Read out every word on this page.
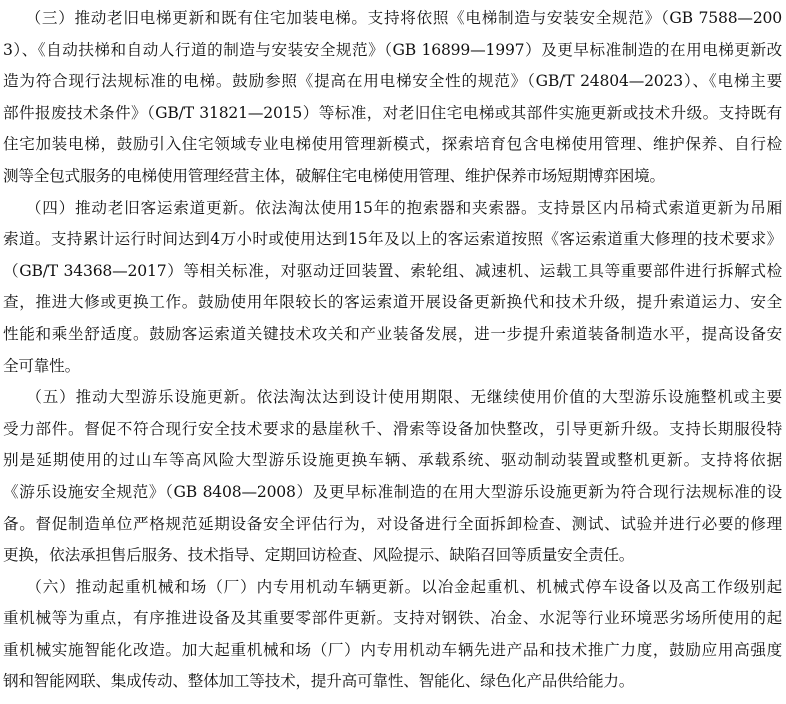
（三）推动老旧电梯更新和既有住宅加装电梯。支持将依照《电梯制造与安装安全规范》（GB 7588—200
3）、《自动扶梯和自动人行道的制造与安装安全规范》（GB 16899—1997）及更早标准制造的在用电梯更新改
造为符合现行法规标准的电梯。鼓励参照《提高在用电梯安全性的规范》（GB/T 24804—2023）、《电梯主要
部件报废技术条件》（GB/T 31821—2015）等标准，对老旧住宅电梯或其部件实施更新或技术升级。支持既有
住宅加装电梯，鼓励引入住宅领域专业电梯使用管理新模式，探索培育包含电梯使用管理、维护保养、自行检
测等全包式服务的电梯使用管理经营主体，破解住宅电梯使用管理、维护保养市场短期博弈困境。
（四）推动老旧客运索道更新。依法淘汰使用15年的抱索器和夹索器。支持景区内吊椅式索道更新为吊厢
索道。支持累计运行时间达到4万小时或使用达到15年及以上的客运索道按照《客运索道重大修理的技术要求》
（GB/T 34368—2017）等相关标准，对驱动迂回装置、索轮组、减速机、运载工具等重要部件进行拆解式检
查，推进大修或更换工作。鼓励使用年限较长的客运索道开展设备更新换代和技术升级，提升索道运力、安全
性能和乘坐舒适度。鼓励客运索道关键技术攻关和产业装备发展，进一步提升索道装备制造水平，提高设备安
全可靠性。
（五）推动大型游乐设施更新。依法淘汰达到设计使用期限、无继续使用价值的大型游乐设施整机或主要
受力部件。督促不符合现行安全技术要求的悬崖秋千、滑索等设备加快整改，引导更新升级。支持长期服役特
别是延期使用的过山车等高风险大型游乐设施更换车辆、承载系统、驱动制动装置或整机更新。支持将依据
《游乐设施安全规范》（GB 8408—2008）及更早标准制造的在用大型游乐设施更新为符合现行法规标准的设
备。督促制造单位严格规范延期设备安全评估行为，对设备进行全面拆卸检查、测试、试验并进行必要的修理
更换，依法承担售后服务、技术指导、定期回访检查、风险提示、缺陷召回等质量安全责任。
（六）推动起重机械和场（厂）内专用机动车辆更新。以冶金起重机、机械式停车设备以及高工作级别起
重机械等为重点，有序推进设备及其重要零部件更新。支持对钢铁、冶金、水泥等行业环境恶劣场所使用的起
重机械实施智能化改造。加大起重机械和场（厂）内专用机动车辆先进产品和技术推广力度，鼓励应用高强度
钢和智能网联、集成传动、整体加工等技术，提升高可靠性、智能化、绿色化产品供给能力。
